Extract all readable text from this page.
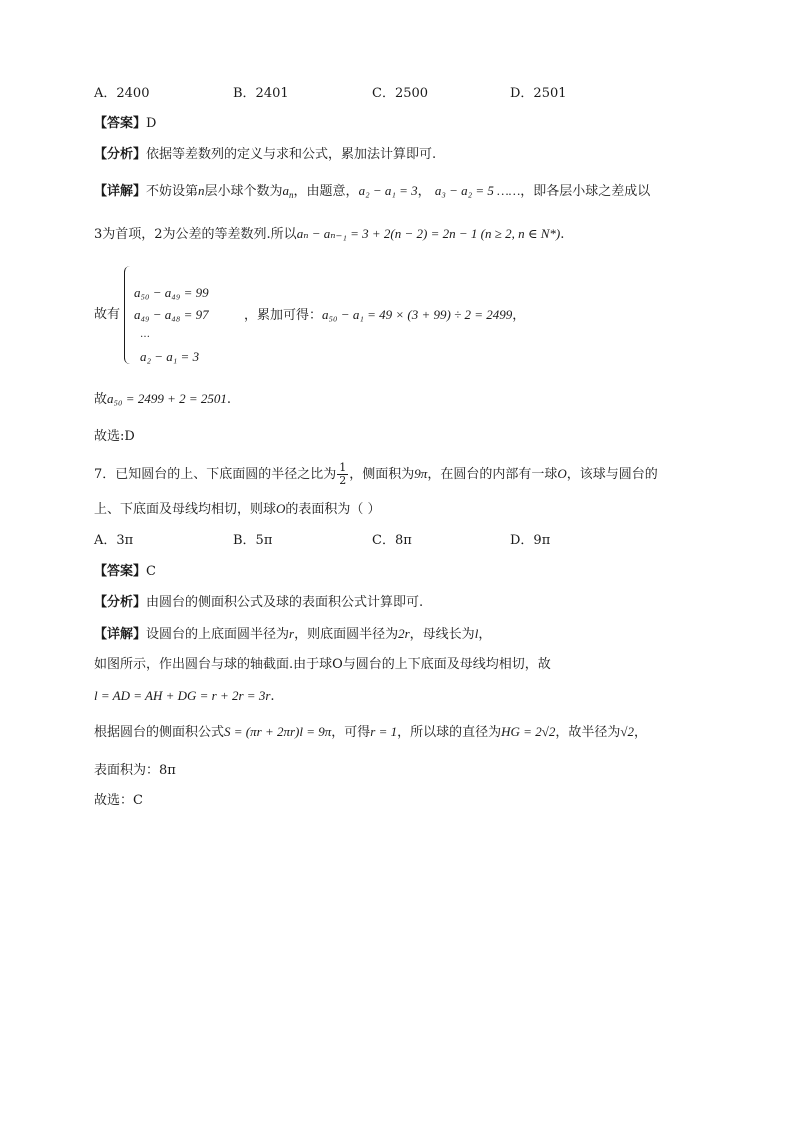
A．2400	B．2401	C．2500	D．2501
【答案】D
【分析】依据等差数列的定义与求和公式，累加法计算即可.
【详解】不妨设第n层小球个数为$a_n$，由题意，a₂ − a₁ = 3， a₃ − a₂ = 5 ……，即各层小球之差成以
3为首项，2为公差的等差数列.所以aₙ − aₙ₋₁ = 3 + 2(n − 2) = 2n − 1 (n ≥ 2, n ∈ N*).
故有
a₅₀ − a₄₉ = 99
a₄₉ − a₄₈ = 97
…
a₂ − a₁ = 3
，累加可得：a₅₀ − a₁ = 49 × (3 + 99) ÷ 2 = 2499，
故a₅₀ = 2499 + 2 = 2501.
故选:D
7．已知圆台的上、下底面圆的半径之比为 $\frac{1}{2}$ ，侧面积为9π，在圆台的内部有一球O，该球与圆台的
上、下底面及母线均相切，则球O的表面积为（ ）
A．3π	B．5π	C．8π	D．9π
【答案】C
【分析】由圆台的侧面积公式及球的表面积公式计算即可.
【详解】设圆台的上底面圆半径为r，则底面圆半径为2r，母线长为l，
如图所示，作出圆台与球的轴截面.由于球O与圆台的上下底面及母线均相切，故
l = AD = AH + DG = r + 2r = 3r.
根据圆台的侧面积公式S = (πr + 2πr)l = 9π，可得r = 1，所以球的直径为HG = 2√2，故半径为√2，
表面积为：8π
故选：C
